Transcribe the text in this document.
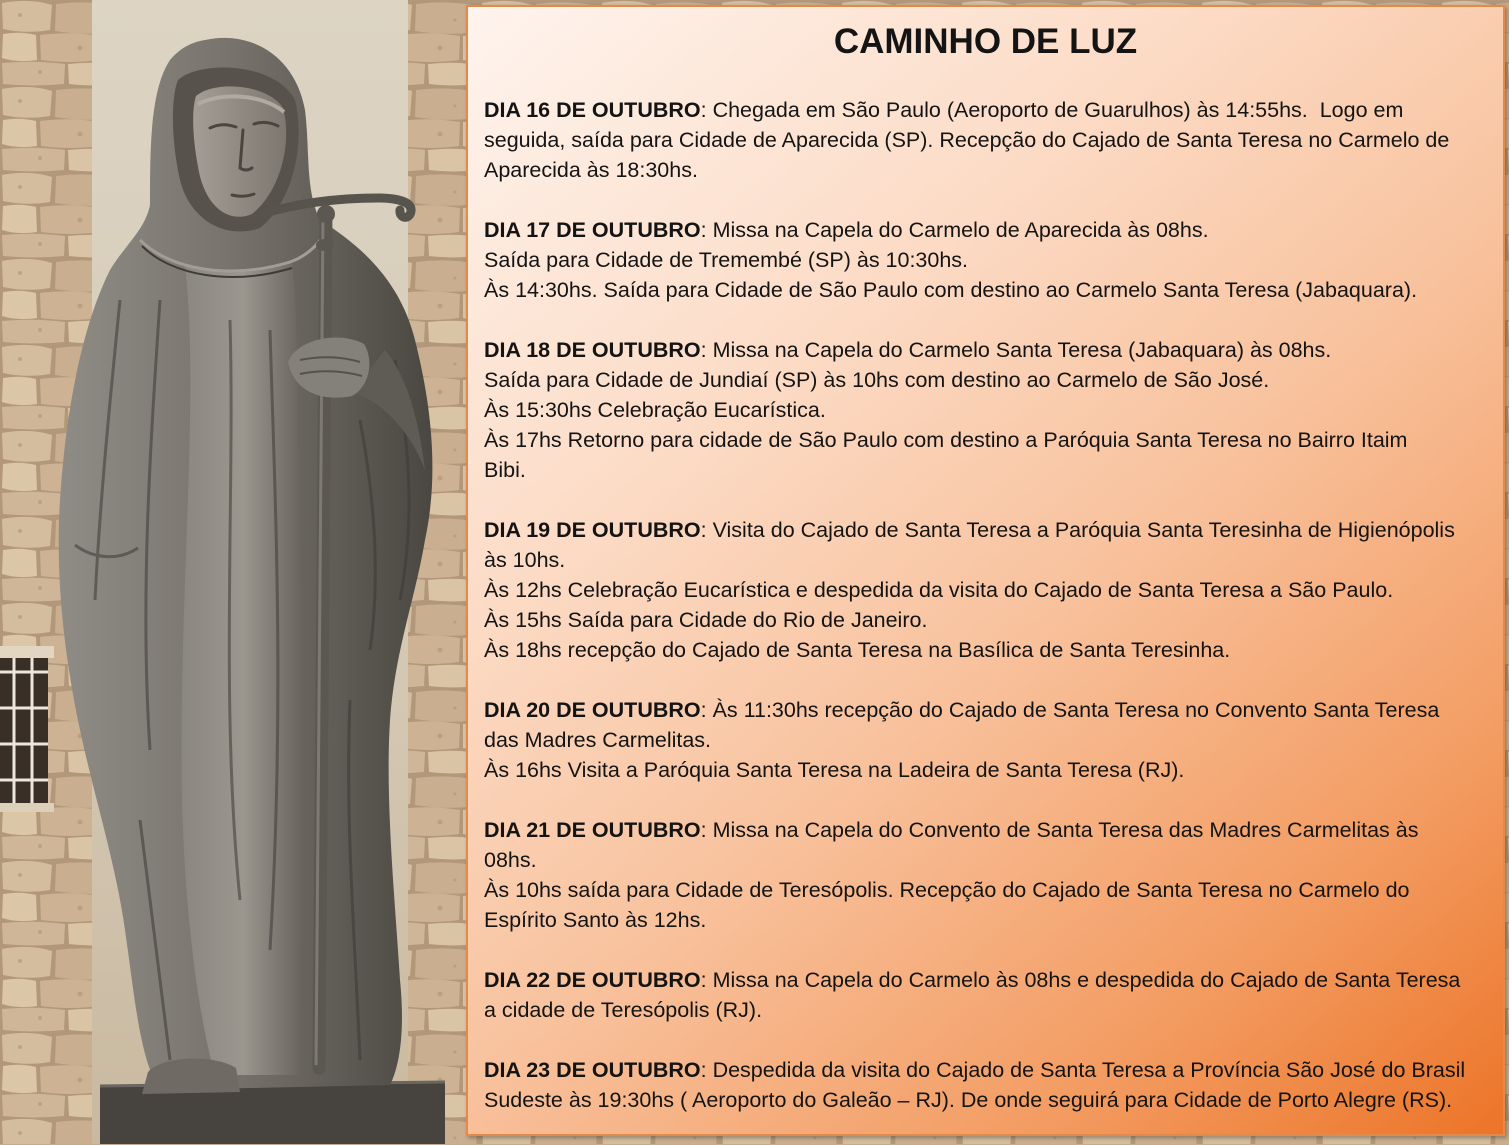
CAMINHO DE LUZ
DIA 16 DE OUTUBRO: Chegada em São Paulo (Aeroporto de Guarulhos) às 14:55hs.  Logo em
seguida, saída para Cidade de Aparecida (SP). Recepção do Cajado de Santa Teresa no Carmelo de
Aparecida às 18:30hs.
DIA 17 DE OUTUBRO: Missa na Capela do Carmelo de Aparecida às 08hs.
Saída para Cidade de Tremembé (SP) às 10:30hs.
Às 14:30hs. Saída para Cidade de São Paulo com destino ao Carmelo Santa Teresa (Jabaquara).
DIA 18 DE OUTUBRO: Missa na Capela do Carmelo Santa Teresa (Jabaquara) às 08hs.
Saída para Cidade de Jundiaí (SP) às 10hs com destino ao Carmelo de São José.
Às 15:30hs Celebração Eucarística.
Às 17hs Retorno para cidade de São Paulo com destino a Paróquia Santa Teresa no Bairro Itaim
Bibi.
DIA 19 DE OUTUBRO: Visita do Cajado de Santa Teresa a Paróquia Santa Teresinha de Higienópolis
às 10hs.
Às 12hs Celebração Eucarística e despedida da visita do Cajado de Santa Teresa a São Paulo.
Às 15hs Saída para Cidade do Rio de Janeiro.
Às 18hs recepção do Cajado de Santa Teresa na Basílica de Santa Teresinha.
DIA 20 DE OUTUBRO: Às 11:30hs recepção do Cajado de Santa Teresa no Convento Santa Teresa
das Madres Carmelitas.
Às 16hs Visita a Paróquia Santa Teresa na Ladeira de Santa Teresa (RJ).
DIA 21 DE OUTUBRO: Missa na Capela do Convento de Santa Teresa das Madres Carmelitas às
08hs.
Às 10hs saída para Cidade de Teresópolis. Recepção do Cajado de Santa Teresa no Carmelo do
Espírito Santo às 12hs.
DIA 22 DE OUTUBRO: Missa na Capela do Carmelo às 08hs e despedida do Cajado de Santa Teresa
a cidade de Teresópolis (RJ).
DIA 23 DE OUTUBRO: Despedida da visita do Cajado de Santa Teresa a Província São José do Brasil
Sudeste às 19:30hs ( Aeroporto do Galeão – RJ). De onde seguirá para Cidade de Porto Alegre (RS).
